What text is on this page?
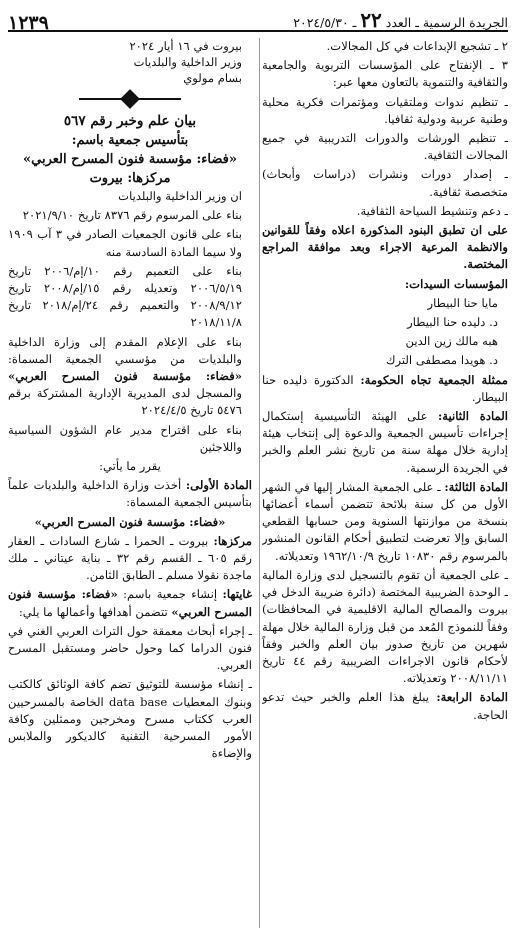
الجريدة الرسمية ـ العدد ٢٢ ـ ٢٠٢٤/٥/٣٠
١٢٣٩

٢ ـ تشجيع الإبداعات في كل المجالات.

٣ ـ الإنفتاح على المؤسسات التربوية والجامعية والثقافية والتنموية بالتعاون معها عبر:

ـ تنظيم ندوات وملتقيات ومؤتمرات فكرية محلية وطنية عربية ودولية ثقافيا.

ـ تنظيم الورشات والدورات التدريبية في جميع المجالات الثقافية.

ـ إصدار دورات ونشرات (دراسات وأبحاث) متخصصة ثقافية.

ـ دعم وتنشيط السياحة الثقافية.

على ان تطبق البنود المذكورة اعلاه وفقاً للقوانين والانظمة المرعية الاجراء وبعد موافقة المراجع المختصة.

المؤسسات السيدات:

مايا حنا البيطار

د. دليده حنا البيطار

هبه مالك زين الدين

د. هويدا مصطفى الترك

ممثلة الجمعية تجاه الحكومة: الدكتورة دليده حنا البيطار.

المادة الثانية: على الهيئة التأسيسية إستكمال إجراءات تأسيس الجمعية والدعوة إلى إنتخاب هيئة إدارية خلال مهلة سنة من تاريخ نشر العلم والخبر في الجريدة الرسمية.

المادة الثالثة: ـ على الجمعية المشار إليها في الشهر الأول من كل سنة بلائحة تتضمن أسماء أعضائها بنسخة من موازنتها السنوية ومن حسابها القطعي السابق وإلا تعرضت لتطبيق أحكام القانون المنشور بالمرسوم رقم ١٠٨٣٠ تاريخ ١٩٦٢/١٠/٩ وتعديلاته.

ـ على الجمعية أن تقوم بالتسجيل لدى وزارة المالية ـ الوحدة الضريبية المختصة (دائرة ضريبة الدخل في بيروت والمصالح المالية الاقليمية في المحافظات) وفقاً للنموذج المُعد من قبل وزارة المالية خلال مهلة شهرين من تاريخ صدور بيان العلم والخبر وفقاً لأحكام قانون الاجراءات الضريبية رقم ٤٤ تاريخ ٢٠٠٨/١١/١١ وتعديلاته.

المادة الرابعة: يبلغ هذا العلم والخبر حيث تدعو الحاجة.

بيروت في ١٦ أيار ٢٠٢٤
وزير الداخلية والبلديات
بسام مولوي
بيان علم وخبر رقم ٥٦٧
بتأسيس جمعية باسم:
«فضاء: مؤسسة فنون المسرح العربي»
مركزها: بيروت

ان وزير الداخلية والبلديات

بناء على المرسوم رقم ٨٣٧٦ تاريخ ٢٠٢١/٩/١٠

بناء على قانون الجمعيات الصادر في ٣ آب ١٩٠٩ ولا سيما المادة السادسة منه

بناء على التعميم رقم ١٠/إم/٢٠٠٦ تاريخ ٢٠٠٦/٥/١٩ وتعديله رقم ١٥/إم/٢٠٠٨ تاريخ ٢٠٠٨/٩/١٢ والتعميم رقم ٢٤/إم/٢٠١٨ تاريخ ٢٠١٨/١١/٨

بناء على الإعلام المقدم إلى وزارة الداخلية والبلديات من مؤسسي الجمعية المسماة: «فضاء: مؤسسة فنون المسرح العربي» والمسجل لدى المديرية الإدارية المشتركة برقم ٥٤٧٦ تاريخ ٢٠٢٤/٤/٥

بناء على اقتراح مدير عام الشؤون السياسية واللاجئين

يقرر ما يأتي:

المادة الأولى: أخذت وزارة الداخلية والبلديات علماً بتأسيس الجمعية المسماة:

«فضاء: مؤسسة فنون المسرح العربي»

مركزها: بيروت ـ الحمرا ـ شارع السادات ـ العقار رقم ٦٠٥ ـ القسم رقم ٣٢ ـ بناية عيتاني ـ ملك ماجدة نقولا مسلم ـ الطابق الثامن.

غايتها: إنشاء جمعية باسم: «فضاء: مؤسسة فنون المسرح العربي» تتضمن أهدافها وأعمالها ما يلي:

ـ إجراء أبحاث معمقة حول التراث العربي الغني في فنون الدراما كما وحول حاضر ومستقبل المسرح العربي.

ـ إنشاء مؤسسة للتوثيق تضم كافة الوثائق كالكتب وبنوك المعطيات data base الخاصة بالمسرحيين العرب ككتاب مسرح ومخرجين وممثلين وكافة الأمور المسرحية التقنية كالديكور والملابس والإضاءة
